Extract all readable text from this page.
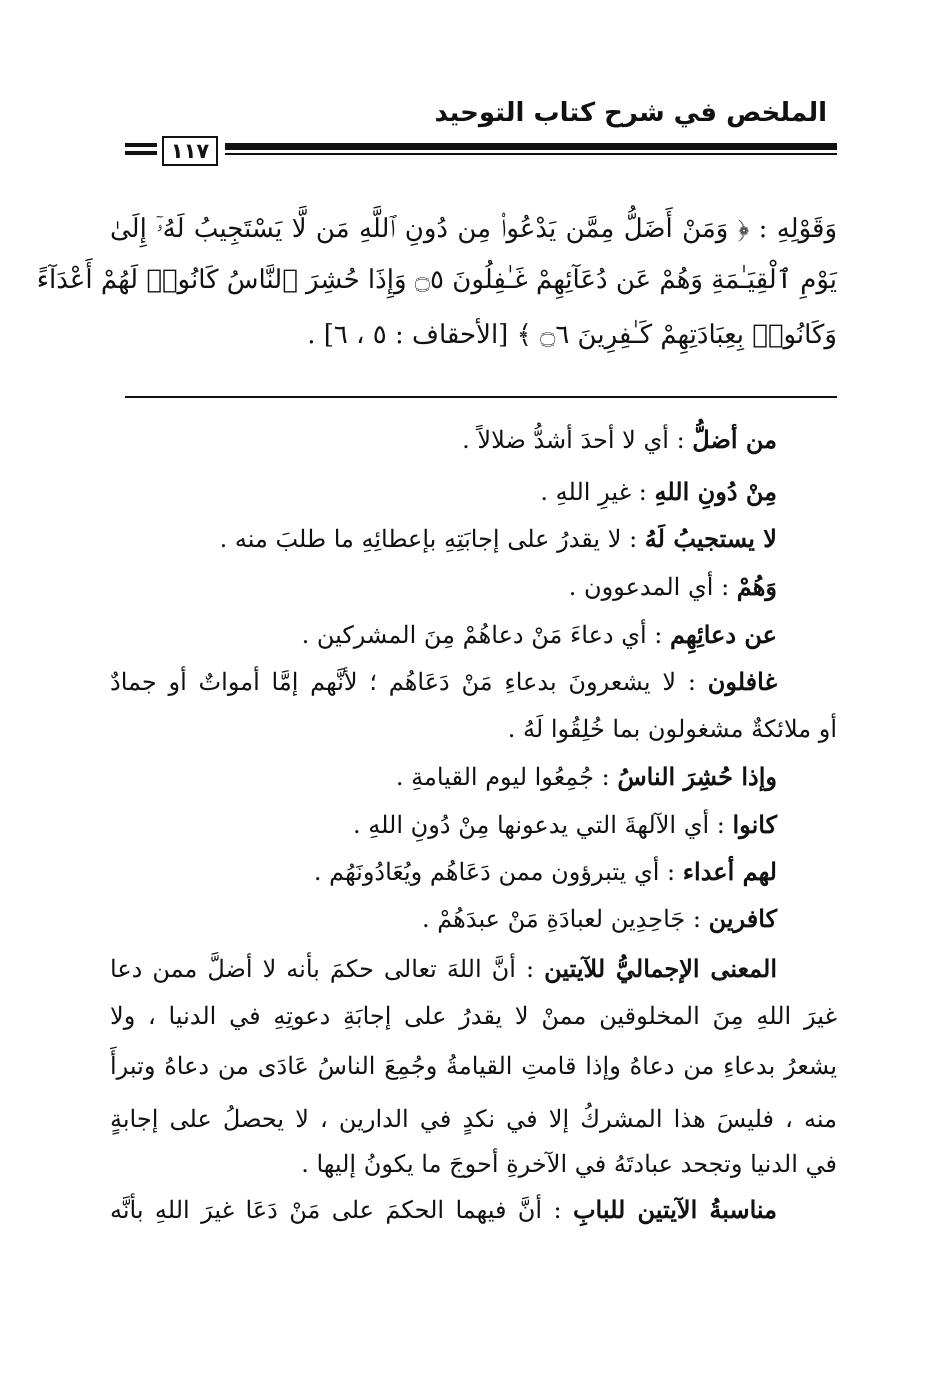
الملخص في شرح كتاب التوحيد
١١٧
وَقَوْلِهِ : ﴿ وَمَنْ أَضَلُّ مِمَّن يَدْعُوا۟ مِن دُونِ ٱللَّهِ مَن لَّا يَسْتَجِيبُ لَهُۥٓ إِلَىٰ
يَوْمِ ٱلْقِيَـٰمَةِ وَهُمْ عَن دُعَآئِهِمْ غَـٰفِلُونَ ۝٥ وَإِذَا حُشِرَ ٱلنَّاسُ كَانُوا۟ لَهُمْ أَعْدَآءً
وَكَانُوا۟ بِعِبَادَتِهِمْ كَـٰفِرِينَ ۝٦ ﴾ [الأحقاف : ٥ ، ٦] .
من أضلُّ : أي لا أحدَ أشدُّ ضلالاً .
مِنْ دُونِ اللهِ : غيرِ اللهِ .
لا يستجيبُ لَهُ : لا يقدرُ على إجابَتِهِ بإعطائِهِ ما طلبَ منه .
وَهُمْ : أي المدعوون .
عن دعائِهِم : أي دعاءَ مَنْ دعاهُمْ مِنَ المشركين .
غافلون : لا يشعرونَ بدعاءِ مَنْ دَعَاهُم ؛ لأنَّهم إمَّا أمواتٌ أو جمادٌ
أو ملائكةٌ مشغولون بما خُلِقُوا لَهُ .
وإذا حُشِرَ الناسُ : جُمِعُوا ليوم القيامةِ .
كانوا : أي الآلهةَ التي يدعونها مِنْ دُونِ اللهِ .
لهم أعداء : أي يتبرؤون ممن دَعَاهُم ويُعَادُونَهُم .
كافرين : جَاحِدِين لعبادَةِ مَنْ عبدَهُمْ .
المعنى الإجماليُّ للآيتين : أنَّ اللهَ تعالى حكمَ بأنه لا أضلَّ ممن دعا
غيرَ اللهِ مِنَ المخلوقين ممنْ لا يقدرُ على إجابَةِ دعوتِهِ في الدنيا ، ولا
يشعرُ بدعاءِ من دعاهُ وإذا قامتِ القيامةُ وجُمِعَ الناسُ عَادَى من دعاهُ وتبرأَ
منه ، فليسَ هذا المشركُ إلا في نكدٍ في الدارين ، لا يحصلُ على إجابةٍ
في الدنيا وتجحد عبادتَهُ في الآخرةِ أحوجَ ما يكونُ إليها .
مناسبةُ الآيتين للبابِ : أنَّ فيهما الحكمَ على مَنْ دَعَا غيرَ اللهِ بأنَّه
